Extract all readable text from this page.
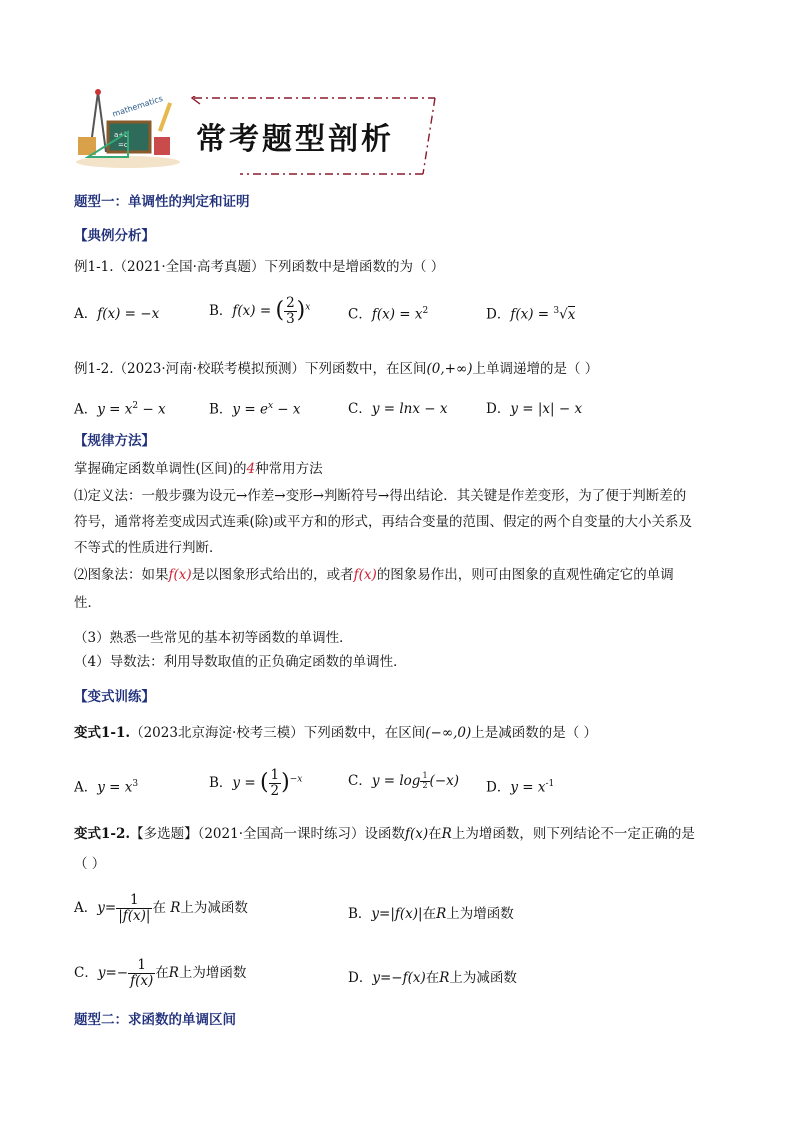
a+b
=c
mathematics
常考题型剖析
题型一：单调性的判定和证明
【典例分析】
例1-1.（2021·全国·高考真题）下列函数中是增函数的为（ ）
A．f(x) = −x	B．f(x) = ( $\frac{2}{3} )^x$	C．$f(x) = x^2$	D．f(x) = $^3$√x
例1-2.（2023·河南·校联考模拟预测）下列函数中，在区间(0,+∞)上单调递增的是（ ）
A．$y = x^2 - x$	B．$y = e^x - x$	C．y = lnx − x	D．y = |x| − x
【规律方法】
掌握确定函数单调性(区间)的4种常用方法
⑴定义法：一般步骤为设元→作差→变形→判断符号→得出结论．其关键是作差变形，为了便于判断差的
符号，通常将差变成因式连乘(除)或平方和的形式，再结合变量的范围、假定的两个自变量的大小关系及
不等式的性质进行判断．
⑵图象法：如果f(x)是以图象形式给出的，或者f(x)的图象易作出，则可由图象的直观性确定它的单调
性．
（3）熟悉一些常见的基本初等函数的单调性．
（4）导数法：利用导数取值的正负确定函数的单调性．
【变式训练】
变式1-1.（2023北京海淀·校考三模）下列函数中，在区间(−∞,0)上是减函数的是（ ）
A．$y = x^3$	B．y = ( $\frac{1}{2} )^{-x}$	C．$y = \log \frac{1}{2} (-x)$ D．$y = x^{-1}$
变式1-2.【多选题】（2021·全国高一课时练习）设函数f(x)在R上为增函数，则下列结论不一定正确的是
（ ）
A．$y= \frac{1}{|f(x)|}$ 在 R上为减函数	B．y=|f(x)|在R上为增函数
C．$y=- \frac{1}{f(x)}$ 在R上为增函数	D．y=−f(x)在R上为减函数
题型二：求函数的单调区间
